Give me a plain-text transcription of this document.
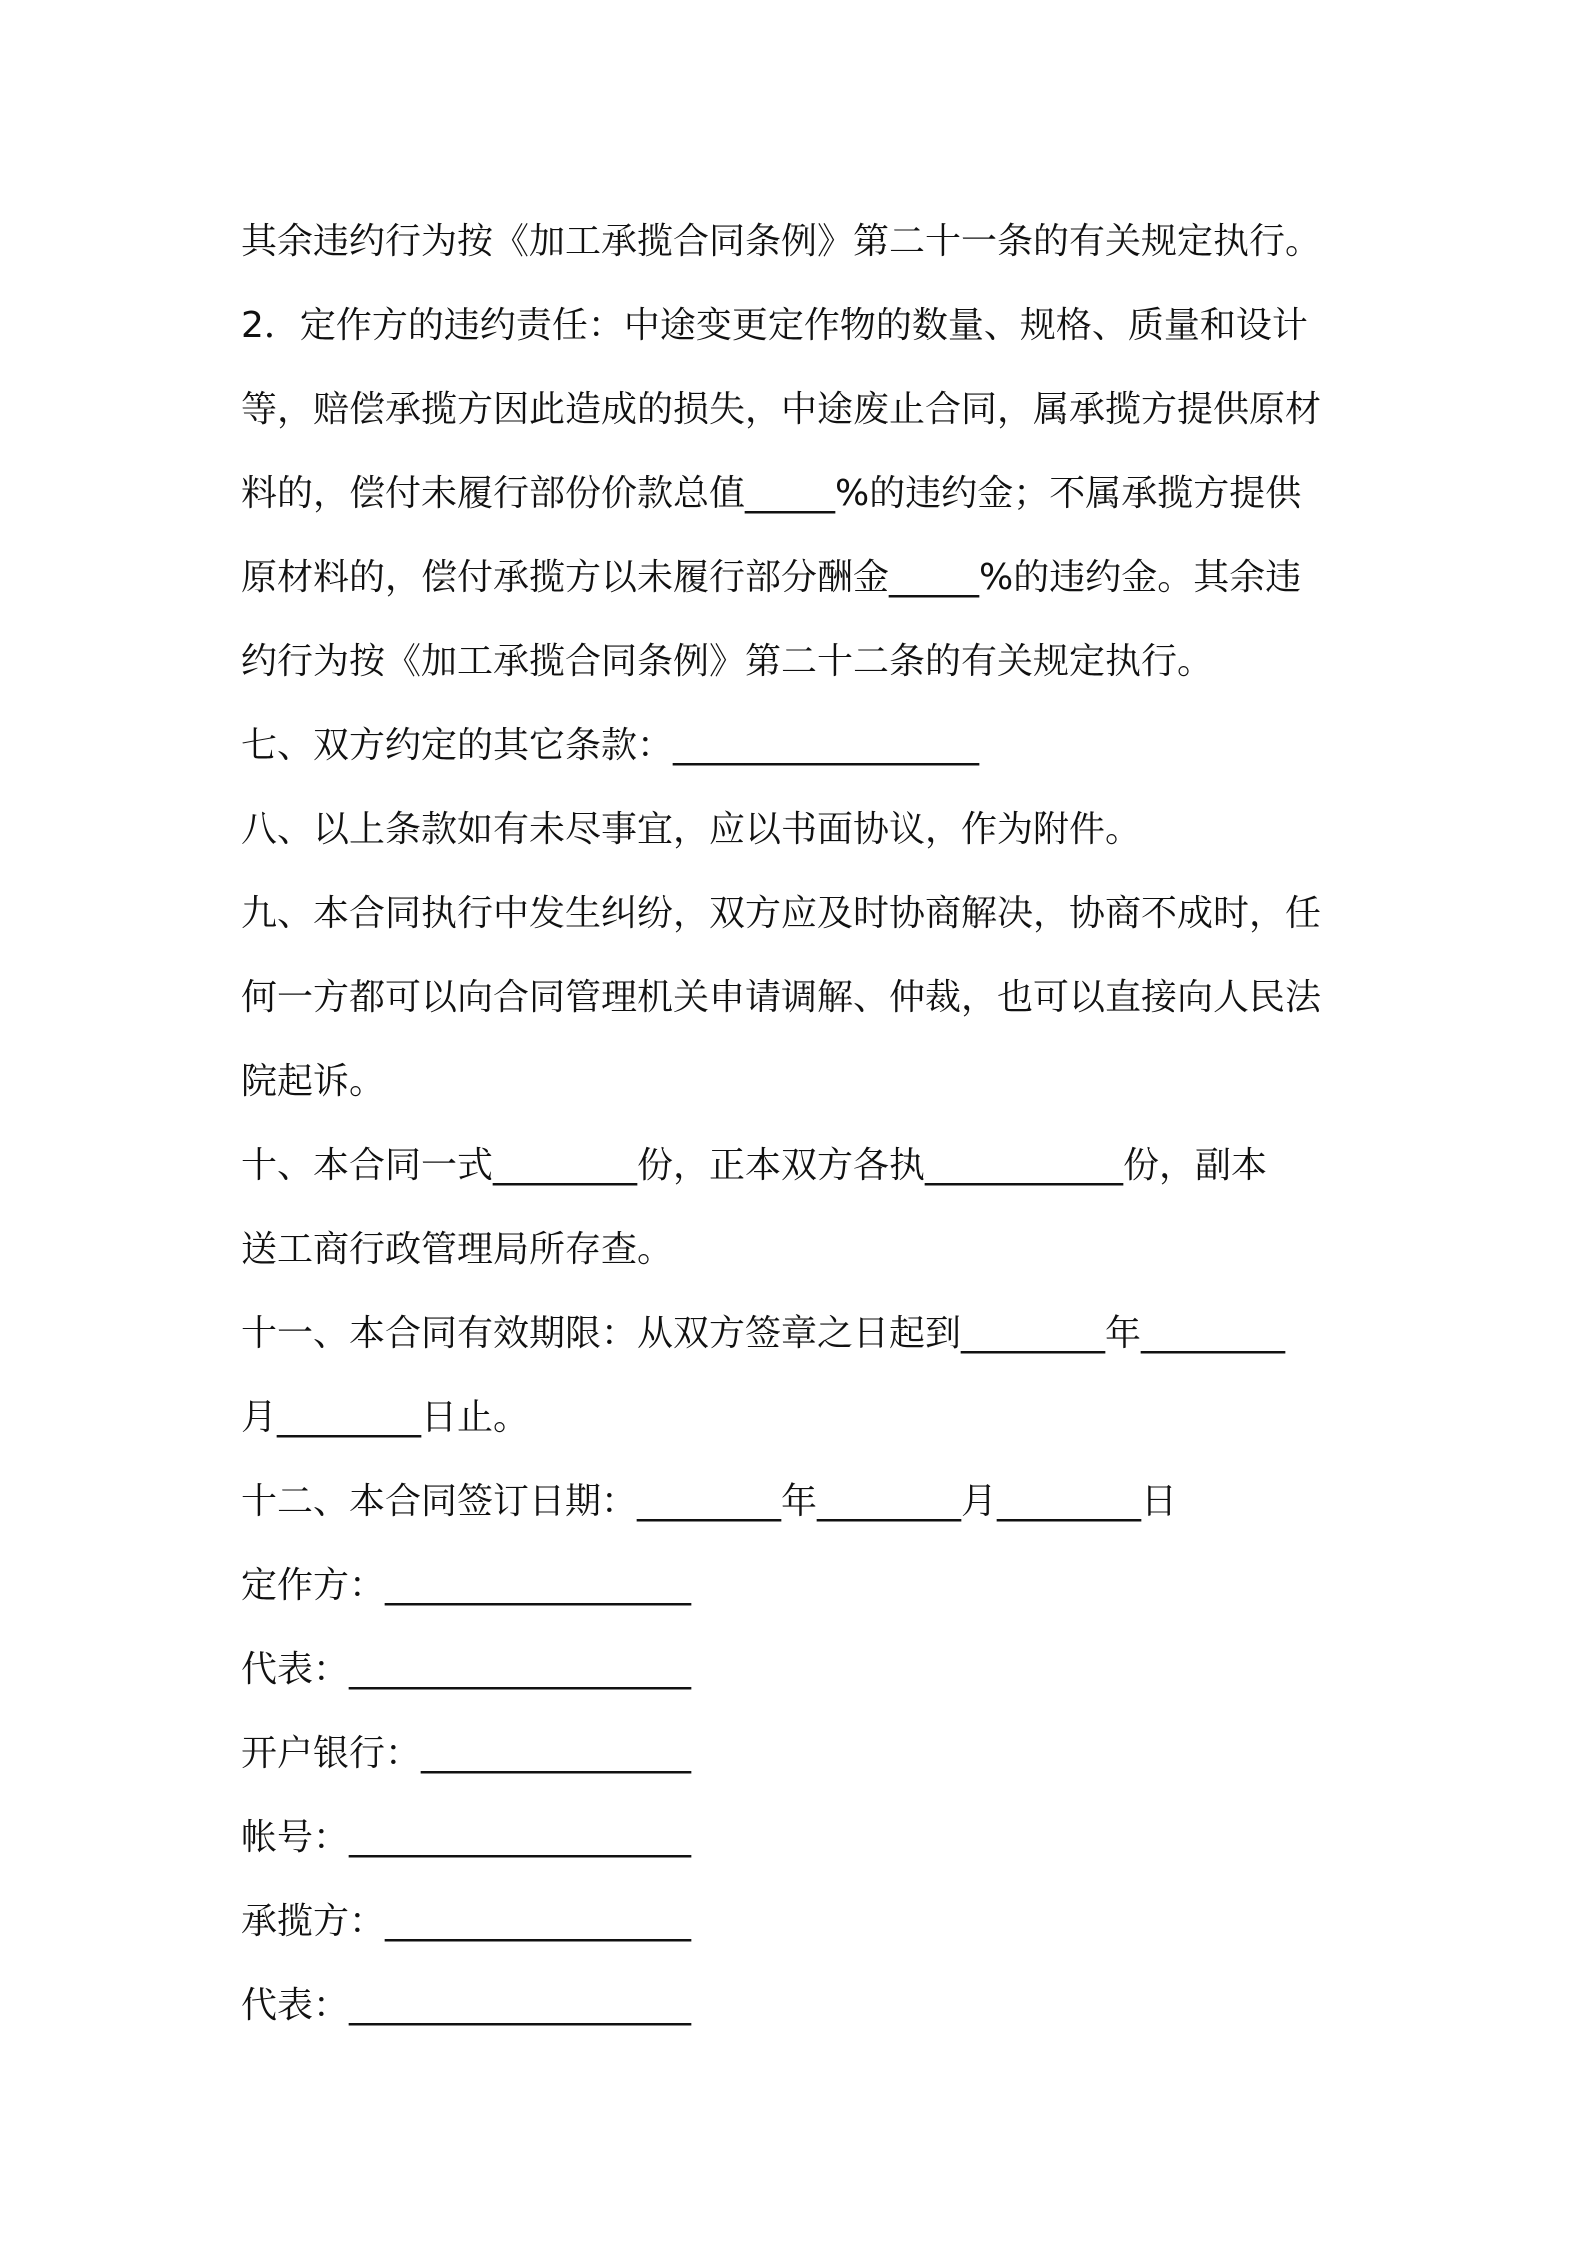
其余违约行为按《加工承揽合同条例》第二十一条的有关规定执行。
2．定作方的违约责任：中途变更定作物的数量、规格、质量和设计
等，赔偿承揽方因此造成的损失，中途废止合同，属承揽方提供原材
料的，偿付未履行部份价款总值_____%的违约金；不属承揽方提供
原材料的，偿付承揽方以未履行部分酬金_____%的违约金。其余违
约行为按《加工承揽合同条例》第二十二条的有关规定执行。
七、双方约定的其它条款：_________________
八、以上条款如有未尽事宜，应以书面协议，作为附件。
九、本合同执行中发生纠纷，双方应及时协商解决，协商不成时，任
何一方都可以向合同管理机关申请调解、仲裁，也可以直接向人民法
院起诉。
十、本合同一式________份，正本双方各执___________份，副本
送工商行政管理局所存查。
十一、本合同有效期限：从双方签章之日起到________年________
月________日止。
十二、本合同签订日期：________年________月________日
定作方：_________________
代表：___________________
开户银行：_______________
帐号：___________________
承揽方：_________________
代表：___________________
